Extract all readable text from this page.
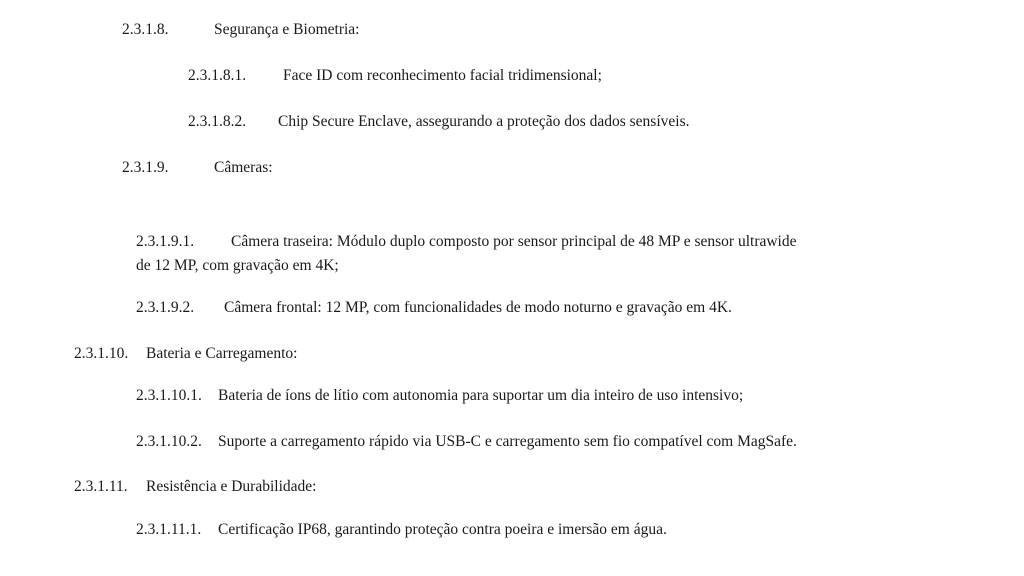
2.3.1.8.	Segurança e Biometria:
2.3.1.8.1. Face ID com reconhecimento facial tridimensional;
2.3.1.8.2. Chip Secure Enclave, assegurando a proteção dos dados sensíveis.
2.3.1.9.	Câmeras:
2.3.1.9.1. Câmera traseira: Módulo duplo composto por sensor principal de 48 MP e sensor ultrawide
de 12 MP, com gravação em 4K;
2.3.1.9.2. Câmera frontal: 12 MP, com funcionalidades de modo noturno e gravação em 4K.
2.3.1.10. Bateria e Carregamento:
2.3.1.10.1. Bateria de íons de lítio com autonomia para suportar um dia inteiro de uso intensivo;
2.3.1.10.2. Suporte a carregamento rápido via USB-C e carregamento sem fio compatível com MagSafe.
2.3.1.11. Resistência e Durabilidade:
2.3.1.11.1. Certificação IP68, garantindo proteção contra poeira e imersão em água.
